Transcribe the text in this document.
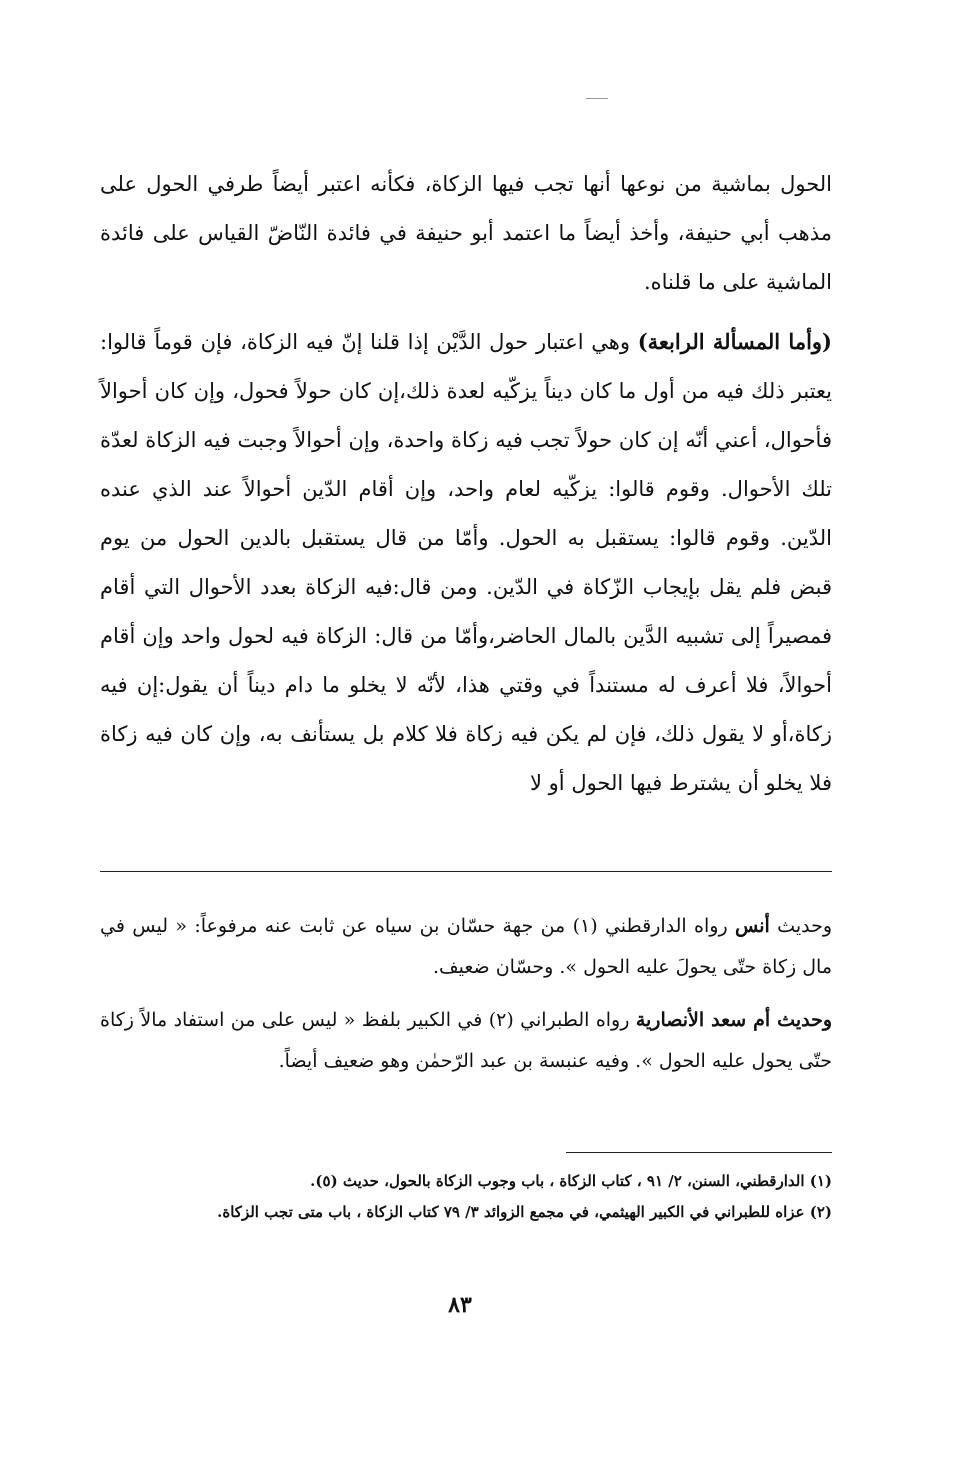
الحول بماشية من نوعها أنها تجب فيها الزكاة، فكأنه اعتبر أيضاً طرفي الحول على مذهب أبي حنيفة، وأخذ أيضاً ما اعتمد أبو حنيفة في فائدة النّاضّ القياس على فائدة الماشية على ما قلناه.

(وأما المسألة الرابعة) وهي اعتبار حول الدَّيْن إذا قلنا إنّ فيه الزكاة، فإن قوماً قالوا: يعتبر ذلك فيه من أول ما كان ديناً يزكّيه لعدة ذلك،إن كان حولاً فحول، وإن كان أحوالاً فأحوال، أعني أنّه إن كان حولاً تجب فيه زكاة واحدة، وإن أحوالاً وجبت فيه الزكاة لعدّة تلك الأحوال. وقوم قالوا: يزكّيه لعام واحد، وإن أقام الدّين أحوالاً عند الذي عنده الدّين. وقوم قالوا: يستقبل به الحول. وأمّا من قال يستقبل بالدين الحول من يوم قبض فلم يقل بإيجاب الزّكاة في الدّين. ومن قال:فيه الزكاة بعدد الأحوال التي أقام فمصيراً إلى تشبيه الدَّين بالمال الحاضر،وأمّا من قال: الزكاة فيه لحول واحد وإن أقام أحوالاً، فلا أعرف له مستنداً في وقتي هذا، لأنّه لا يخلو ما دام ديناً أن يقول:إن فيه زكاة،أو لا يقول ذلك، فإن لم يكن فيه زكاة فلا كلام بل يستأنف به، وإن كان فيه زكاة فلا يخلو أن يشترط فيها الحول أو لا

وحديث أنس رواه الدارقطني (١) من جهة حسّان بن سياه عن ثابت عنه مرفوعاً: « ليس في مال زكاة حتّى يحولَ عليه الحول ». وحسّان ضعيف.

وحديث أم سعد الأنصارية رواه الطبراني (٢) في الكبير بلفظ « ليس على من استفاد مالاً زكاة حتّى يحول عليه الحول ». وفيه عنبسة بن عبد الرّحمٰن وهو ضعيف أيضاً.

(١) الدارقطني، السنن، ٢/ ٩١ ، كتاب الزكاة ، باب وجوب الزكاة بالحول، حديث (٥).

(٢) عزاه للطبراني في الكبير الهيثمي، في مجمع الزوائد ٣/ ٧٩ كتاب الزكاة ، باب متى تجب الزكاة.

٨٣
